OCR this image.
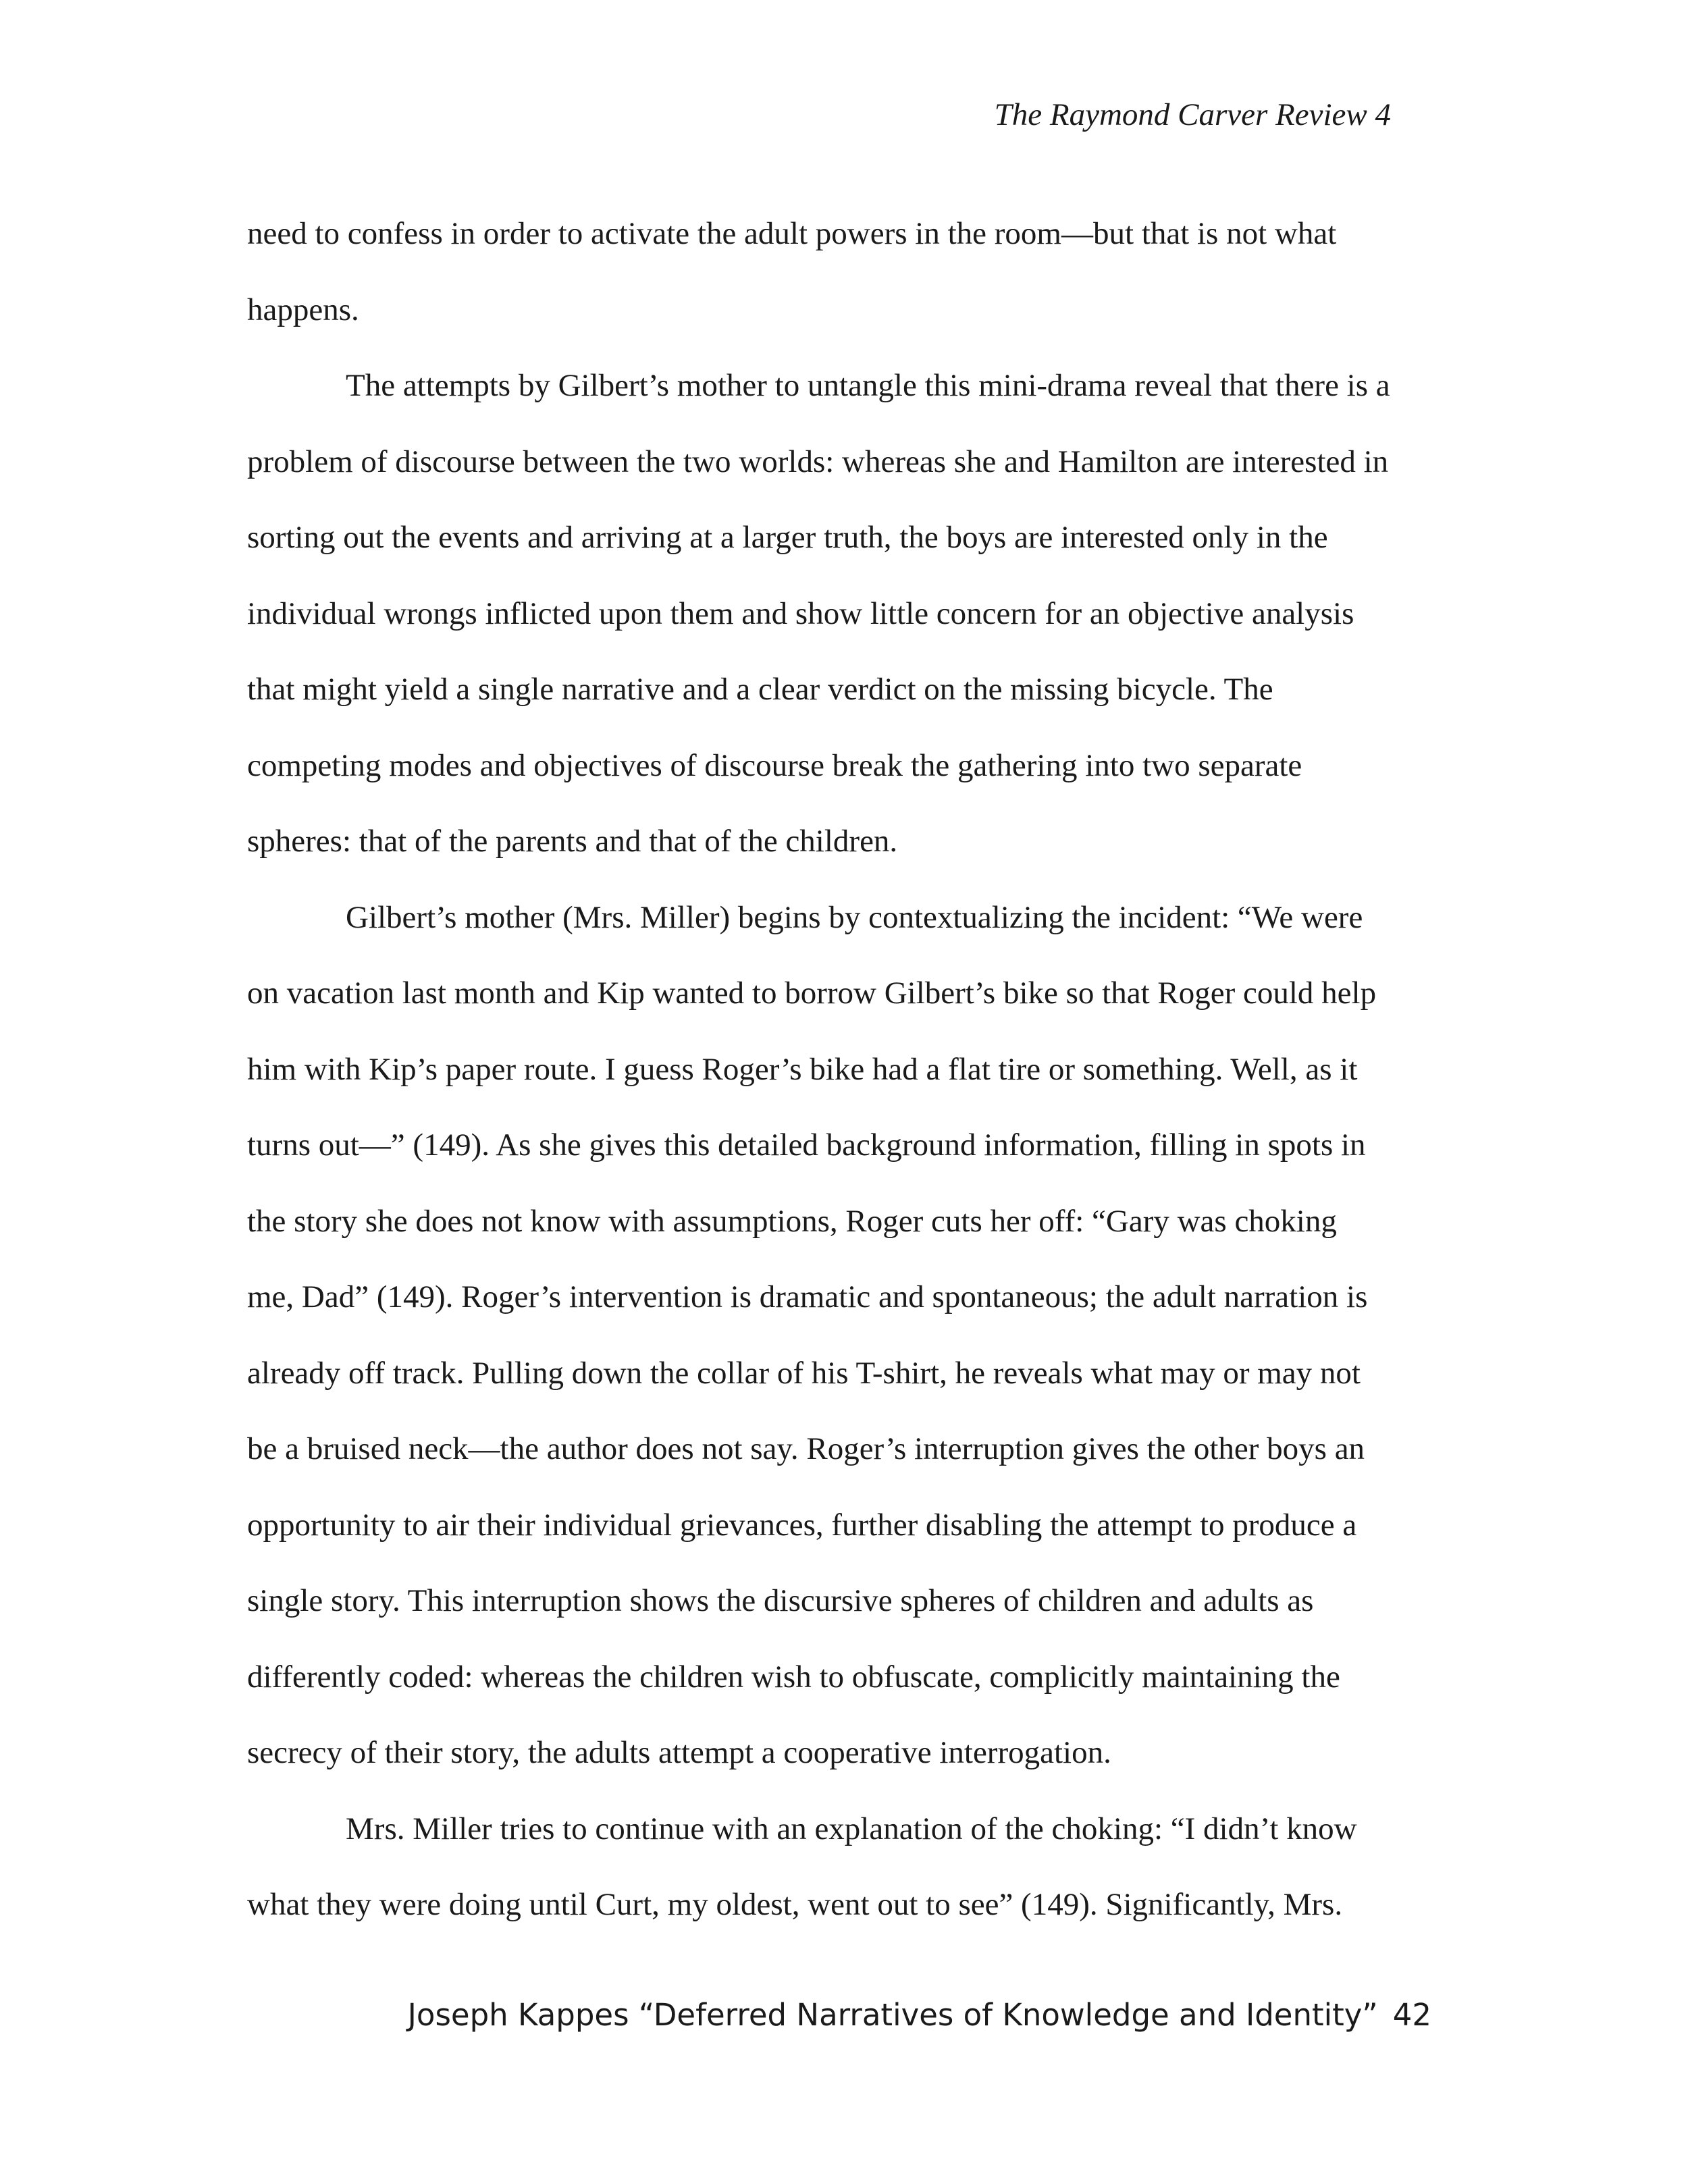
The Raymond Carver Review 4
need to confess in order to activate the adult powers in the room—but that is not what
happens.
The attempts by Gilbert’s mother to untangle this mini-drama reveal that there is a
problem of discourse between the two worlds: whereas she and Hamilton are interested in
sorting out the events and arriving at a larger truth, the boys are interested only in the
individual wrongs inflicted upon them and show little concern for an objective analysis
that might yield a single narrative and a clear verdict on the missing bicycle. The
competing modes and objectives of discourse break the gathering into two separate
spheres: that of the parents and that of the children.
Gilbert’s mother (Mrs. Miller) begins by contextualizing the incident: “We were
on vacation last month and Kip wanted to borrow Gilbert’s bike so that Roger could help
him with Kip’s paper route. I guess Roger’s bike had a flat tire or something. Well, as it
turns out—” (149). As she gives this detailed background information, filling in spots in
the story she does not know with assumptions, Roger cuts her off: “Gary was choking
me, Dad” (149). Roger’s intervention is dramatic and spontaneous; the adult narration is
already off track. Pulling down the collar of his T-shirt, he reveals what may or may not
be a bruised neck—the author does not say. Roger’s interruption gives the other boys an
opportunity to air their individual grievances, further disabling the attempt to produce a
single story. This interruption shows the discursive spheres of children and adults as
differently coded: whereas the children wish to obfuscate, complicitly maintaining the
secrecy of their story, the adults attempt a cooperative interrogation.
Mrs. Miller tries to continue with an explanation of the choking: “I didn’t know
what they were doing until Curt, my oldest, went out to see” (149). Significantly, Mrs.
Joseph Kappes “Deferred Narratives of Knowledge and Identity” 42
